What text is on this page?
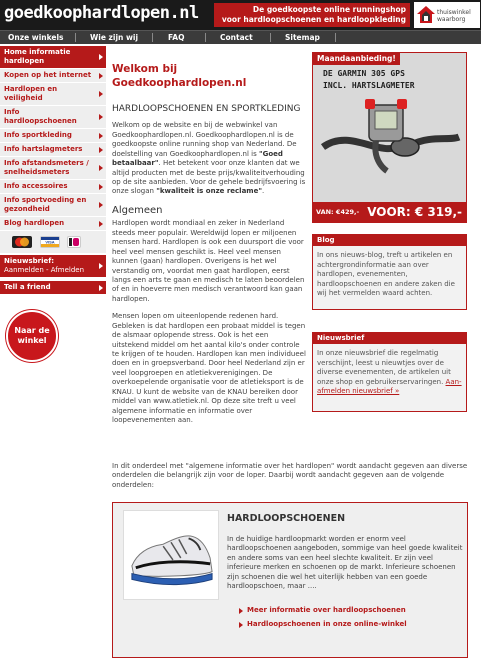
goedkoophardlopen.nl	De goedkoopste online runningshop
voor hardloopschoenen en hardloopkleding
thuiswinkel
waarborg
Onze winkels	Wie zijn wij	FAQ	Contact	Sitemap
Home informatie hardlopen
Kopen op het internet
Hardlopen en veiligheid
Info hardloopschoenen
Info sportkleding
Info hartslagmeters
Info afstandsmeters / snelheidsmeters
Info accessoires
Info sportvoeding en gezondheid
Blog hardlopen
VISA
Nieuwsbrief:
Aanmelden - Afmelden
Tell a friend
Naar de winkel
Welkom bij Goedkoophardlopen.nl
HARDLOOPSCHOENEN EN SPORTKLEDING

Welkom op de website en bij de webwinkel van Goedkoophardlopen.nl. Goedkoophardlopen.nl is de goedkoopste online running shop van Nederland. De doelstelling van Goedkoophardlopen.nl is "Goed betaalbaar". Het betekent voor onze klanten dat we altijd producten met de beste prijs/kwaliteitverhouding op de site aanbieden. Voor de gehele bedrijfsvoering is onze slogan "kwaliteit is onze reclame".

Algemeen

Hardlopen wordt mondiaal en zeker in Nederland steeds meer populair. Wereldwijd lopen er miljoenen mensen hard. Hardlopen is ook een duursport die voor heel veel mensen geschikt is. Heel veel mensen kunnen (gaan) hardlopen. Overigens is het wel verstandig om, voordat men gaat hardlopen, eerst langs een arts te gaan en medisch te laten beoordelen of en in hoeverre men medisch verantwoord kan gaan hardlopen.

Mensen lopen om uiteenlopende redenen hard. Gebleken is dat hardlopen een probaat middel is tegen de alsmaar oplopende stress. Ook is het een uitstekend middel om het aantal kilo's onder controle te krijgen of te houden. Hardlopen kan men individueel doen en in groepsverband. Door heel Nederland zijn er veel loopgroepen en atletiekverenigingen. De overkoepelende organisatie voor de atletieksport is de KNAU. U kunt de website van de KNAU bereiken door middel van www.atletiek.nl. Op deze site treft u veel algemene informatie en informatie over loopevenementen aan.

In dit onderdeel met "algemene informatie over het hardlopen" wordt aandacht gegeven aan diverse onderdelen die belangrijk zijn voor de loper. Daarbij wordt aandacht gegeven aan de volgende onderdelen:

Maandaanbieding!
DE GARMIN 305 GPS
INCL. HARTSLAGMETER
VAN: €429,- VOOR: € 319,-
Blog
In ons nieuws-blog, treft u artikelen en achtergrondinformatie aan over hardlopen, evenementen, hardloopschoenen en andere zaken die wij het vermelden waard achten.
Nieuwsbrief
In onze nieuwsbrief die regelmatig verschijnt, leest u nieuwtjes over de diverse evenementen, de artikelen uit onze shop en gebruikerservaringen. Aan- afmelden nieuwsbrief »
HARDLOOPSCHOENEN
In de huidige hardloopmarkt worden er enorm veel hardloopschoenen aangeboden, sommige van heel goede kwaliteit en andere soms van een heel slechte kwaliteit. Er zijn veel inferieure merken en schoenen op de markt. Inferieure schoenen zijn schoenen die wel het uiterlijk hebben van een goede hardloopschoen, maar ....
Meer informatie over hardloopschoenen
Hardloopschoenen in onze online-winkel
